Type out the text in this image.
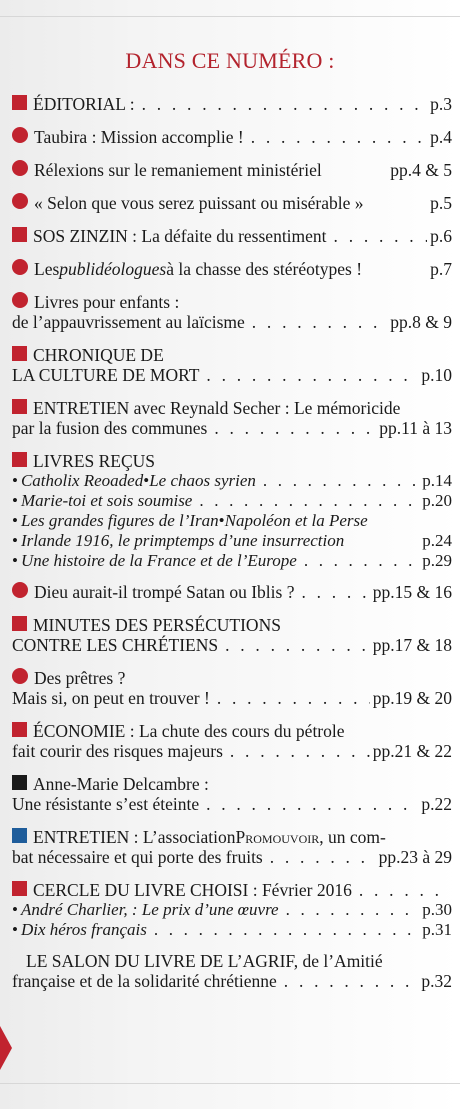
DANS CE NUMÉRO :
ÉDITORIAL : . . .	p.3
Taubira : Mission accomplie ! . . .	p.4
Rélexions sur le remaniement ministériel	pp.4 & 5
« Selon que vous serez puissant ou misérable »	p.5
SOS ZINZIN : La défaite du ressentiment . . .	p.6
Les publidéologues à la chasse des stéréotypes !	p.7
Livres pour enfants :
de l’appauvrissement au laïcisme . . .	pp.8 & 9
CHRONIQUE DE
LA CULTURE DE MORT . . .	p.10
ENTRETIEN avec Reynald Secher : Le mémoricide
par la fusion des communes . . .	pp.11 à 13
LIVRES REÇUS
• Catholix Reoaded • Le chaos syrien . . .	p.14
• Marie-toi et sois soumise . . .	p.20
• Les grandes figures de l’Iran • Napoléon et la Perse
• Irlande 1916, le primptemps d’une insurrection	p.24
• Une histoire de la France et de l’Europe . . .	p.29
Dieu aurait-il trompé Satan ou Iblis ? . . .	pp.15 & 16
MINUTES DES PERSÉCUTIONS
CONTRE LES CHRÉTIENS . . .	pp.17 & 18
Des prêtres ?
Mais si, on peut en trouver ! . . .	pp.19 & 20
ÉCONOMIE : La chute des cours du pétrole
fait courir des risques majeurs . . .	pp.21 & 22
Anne-Marie Delcambre :
Une résistante s’est éteinte . . .	p.22
ENTRETIEN : L’association Promouvoir , un com-
bat nécessaire et qui porte des fruits . . .	pp.23 à 29
CERCLE DU LIVRE CHOISI : Février 2016
. . .
• André Charlier, : Le prix d’une œuvre . . .	p.30
• Dix héros français . . .	p.31
LE SALON DU LIVRE DE L’AGRIF, de l’Amitié
française et de la solidarité chrétienne . . .	p.32
